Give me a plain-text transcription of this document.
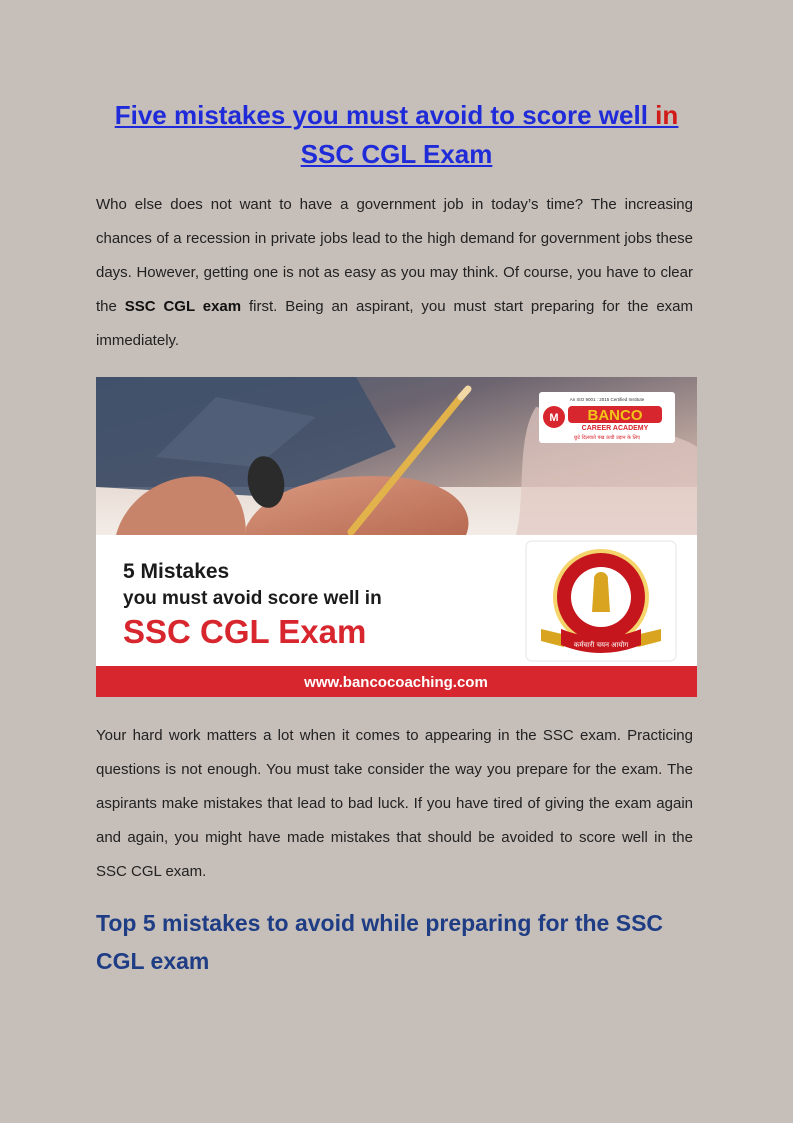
Five mistakes you must avoid to score well in
SSC CGL Exam

Who else does not want to have a government job in today’s time? The increasing chances of a recession in private jobs lead to the high demand for government jobs these days. However, getting one is not as easy as you may think. Of course, you have to clear the SSC CGL exam first. Being an aspirant, you must start preparing for the exam immediately.

Your hard work matters a lot when it comes to appearing in the SSC exam. Practicing questions is not enough. You must take consider the way you prepare for the exam. The aspirants make mistakes that lead to bad luck. If you have tired of giving the exam again and again, you might have made mistakes that should be avoided to score well in the SSC CGL exam.

Top 5 mistakes to avoid while preparing for the SSC CGL exam
An ISO 9001 : 2015 Certified Institute
M BANCO
CAREER ACADEMY
छूटे दिलवाते पंख ऊंची उड़ान के लिए
5 Mistakes
you must avoid score well in
SSC CGL Exam	कर्मचारी चयन आयोग
www.bancocoaching.com
